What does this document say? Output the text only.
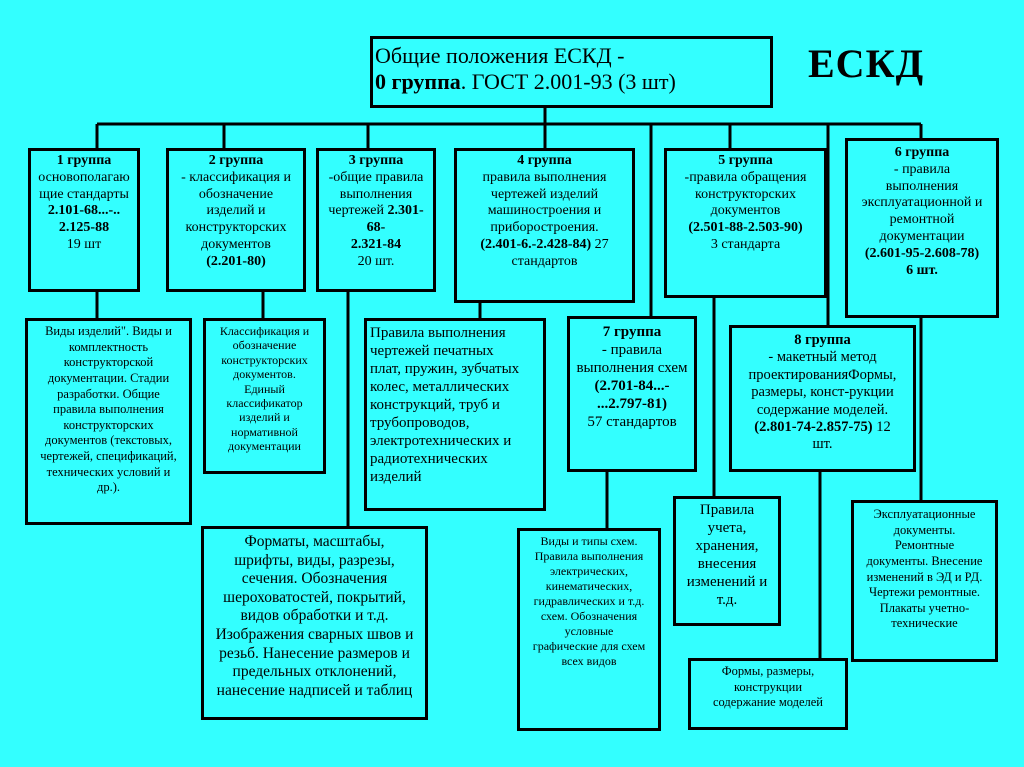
ЕСКД
Общие положения ЕСКД -
0 группа. ГОСТ 2.001-93 (3 шт)
1 группа
основополагаю
щие стандарты
2.101-68...-..
2.125-88
19 шт
2 группа
- классификация и
обозначение
изделий и
конструкторских
документов
(2.201-80)
3 группа
-общие правила
выполнения
чертежей 2.301-
68-
2.321-84
20 шт.
4 группа
правила выполнения
чертежей изделий
машиностроения и
приборостроения.
(2.401-6.-2.428-84) 27
стандартов
5 группа
-правила обращения
конструкторских
документов
(2.501-88-2.503-90)
3 стандарта
6 группа
- правила
выполнения
эксплуатационной и
ремонтной
документации
(2.601-95-2.608-78)
6 шт.
7 группа
- правила
выполнения схем
(2.701-84...-
...2.797-81)
57 стандартов
8 группа
- макетный метод
проектированияФормы,
размеры, конст-рукции
содержание моделей.
(2.801-74-2.857-75) 12
шт.
Виды изделий". Виды и
комплектность
конструкторской
документации. Стадии
разработки. Общие
правила выполнения
конструкторских
документов (текстовых,
чертежей, спецификаций,
технических условий и
др.).
Классификация и
обозначение
конструкторских
документов.
Единый
классификатор
изделий и
нормативной
документации
Форматы, масштабы,
шрифты, виды, разрезы,
сечения. Обозначения
шероховатостей, покрытий,
видов обработки и т.д.
Изображения сварных швов и
резьб. Нанесение размеров и
предельных отклонений,
нанесение надписей и таблиц
Правила выполнения
чертежей печатных
плат, пружин, зубчатых
колес, металлических
конструкций, труб и
трубопроводов,
электротехнических и
радиотехнических
изделий
Правила
учета,
хранения,
внесения
изменений и
т.д.
Эксплуатационные
документы.
Ремонтные
документы. Внесение
изменений в ЭД и РД.
Чертежи ремонтные.
Плакаты учетно-
технические
Виды и типы схем.
Правила выполнения
электрических,
кинематических,
гидравлических и т.д.
схем. Обозначения
условные
графические для схем
всех видов
Формы, размеры,
конструкции
содержание моделей
